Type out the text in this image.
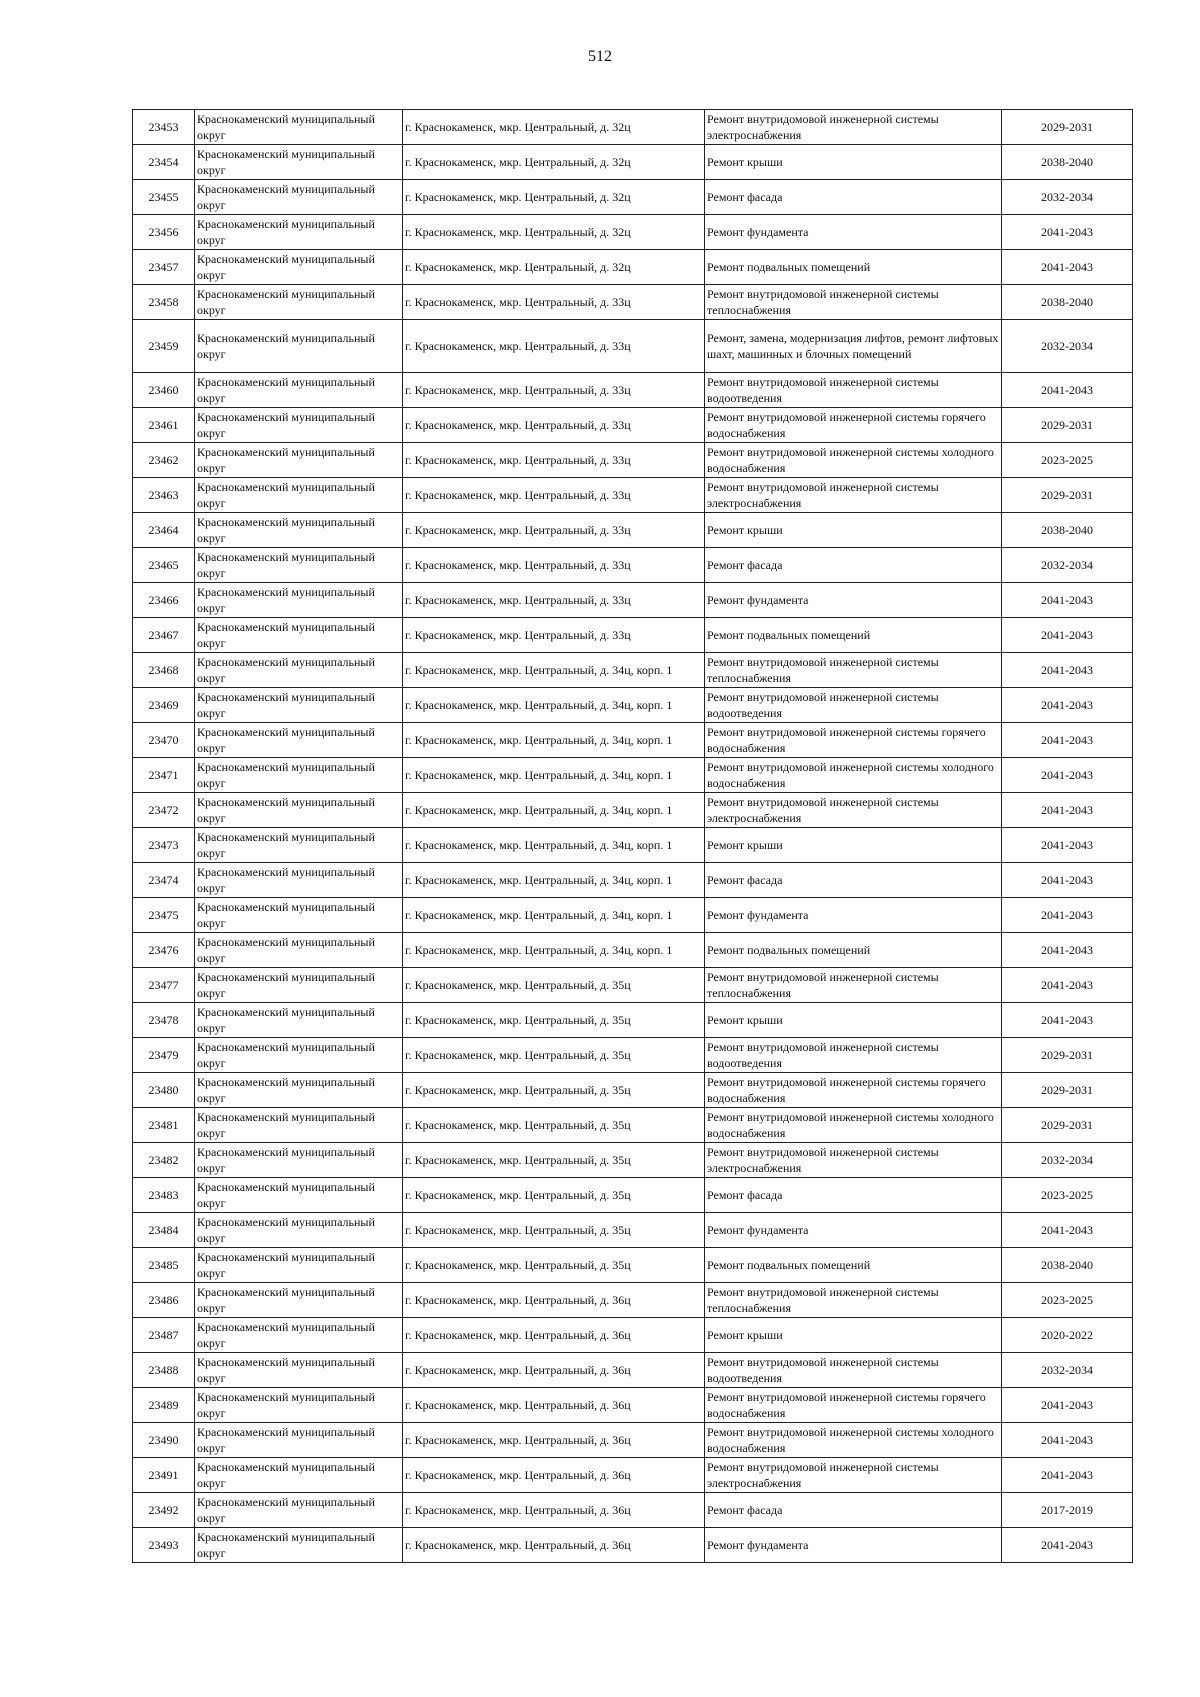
512
23453	Краснокаменский муниципальный округ	г. Краснокаменск, мкр. Центральный, д. 32ц	Ремонт внутридомовой инженерной системы электроснабжения	2029-2031
23454	Краснокаменский муниципальный округ	г. Краснокаменск, мкр. Центральный, д. 32ц	Ремонт крыши	2038-2040
23455	Краснокаменский муниципальный округ	г. Краснокаменск, мкр. Центральный, д. 32ц	Ремонт фасада	2032-2034
23456	Краснокаменский муниципальный округ	г. Краснокаменск, мкр. Центральный, д. 32ц	Ремонт фундамента	2041-2043
23457	Краснокаменский муниципальный округ	г. Краснокаменск, мкр. Центральный, д. 32ц	Ремонт подвальных помещений	2041-2043
23458	Краснокаменский муниципальный округ	г. Краснокаменск, мкр. Центральный, д. 33ц	Ремонт внутридомовой инженерной системы теплоснабжения	2038-2040
23459	Краснокаменский муниципальный округ	г. Краснокаменск, мкр. Центральный, д. 33ц	Ремонт, замена, модернизация лифтов, ремонт лифтовых шахт, машинных и блочных помещений	2032-2034
23460	Краснокаменский муниципальный округ	г. Краснокаменск, мкр. Центральный, д. 33ц	Ремонт внутридомовой инженерной системы водоотведения	2041-2043
23461	Краснокаменский муниципальный округ	г. Краснокаменск, мкр. Центральный, д. 33ц	Ремонт внутридомовой инженерной системы горячего водоснабжения	2029-2031
23462	Краснокаменский муниципальный округ	г. Краснокаменск, мкр. Центральный, д. 33ц	Ремонт внутридомовой инженерной системы холодного водоснабжения	2023-2025
23463	Краснокаменский муниципальный округ	г. Краснокаменск, мкр. Центральный, д. 33ц	Ремонт внутридомовой инженерной системы электроснабжения	2029-2031
23464	Краснокаменский муниципальный округ	г. Краснокаменск, мкр. Центральный, д. 33ц	Ремонт крыши	2038-2040
23465	Краснокаменский муниципальный округ	г. Краснокаменск, мкр. Центральный, д. 33ц	Ремонт фасада	2032-2034
23466	Краснокаменский муниципальный округ	г. Краснокаменск, мкр. Центральный, д. 33ц	Ремонт фундамента	2041-2043
23467	Краснокаменский муниципальный округ	г. Краснокаменск, мкр. Центральный, д. 33ц	Ремонт подвальных помещений	2041-2043
23468	Краснокаменский муниципальный округ	г. Краснокаменск, мкр. Центральный, д. 34ц, корп. 1	Ремонт внутридомовой инженерной системы теплоснабжения	2041-2043
23469	Краснокаменский муниципальный округ	г. Краснокаменск, мкр. Центральный, д. 34ц, корп. 1	Ремонт внутридомовой инженерной системы водоотведения	2041-2043
23470	Краснокаменский муниципальный округ	г. Краснокаменск, мкр. Центральный, д. 34ц, корп. 1	Ремонт внутридомовой инженерной системы горячего водоснабжения	2041-2043
23471	Краснокаменский муниципальный округ	г. Краснокаменск, мкр. Центральный, д. 34ц, корп. 1	Ремонт внутридомовой инженерной системы холодного водоснабжения	2041-2043
23472	Краснокаменский муниципальный округ	г. Краснокаменск, мкр. Центральный, д. 34ц, корп. 1	Ремонт внутридомовой инженерной системы электроснабжения	2041-2043
23473	Краснокаменский муниципальный округ	г. Краснокаменск, мкр. Центральный, д. 34ц, корп. 1	Ремонт крыши	2041-2043
23474	Краснокаменский муниципальный округ	г. Краснокаменск, мкр. Центральный, д. 34ц, корп. 1	Ремонт фасада	2041-2043
23475	Краснокаменский муниципальный округ	г. Краснокаменск, мкр. Центральный, д. 34ц, корп. 1	Ремонт фундамента	2041-2043
23476	Краснокаменский муниципальный округ	г. Краснокаменск, мкр. Центральный, д. 34ц, корп. 1	Ремонт подвальных помещений	2041-2043
23477	Краснокаменский муниципальный округ	г. Краснокаменск, мкр. Центральный, д. 35ц	Ремонт внутридомовой инженерной системы теплоснабжения	2041-2043
23478	Краснокаменский муниципальный округ	г. Краснокаменск, мкр. Центральный, д. 35ц	Ремонт крыши	2041-2043
23479	Краснокаменский муниципальный округ	г. Краснокаменск, мкр. Центральный, д. 35ц	Ремонт внутридомовой инженерной системы водоотведения	2029-2031
23480	Краснокаменский муниципальный округ	г. Краснокаменск, мкр. Центральный, д. 35ц	Ремонт внутридомовой инженерной системы горячего водоснабжения	2029-2031
23481	Краснокаменский муниципальный округ	г. Краснокаменск, мкр. Центральный, д. 35ц	Ремонт внутридомовой инженерной системы холодного водоснабжения	2029-2031
23482	Краснокаменский муниципальный округ	г. Краснокаменск, мкр. Центральный, д. 35ц	Ремонт внутридомовой инженерной системы электроснабжения	2032-2034
23483	Краснокаменский муниципальный округ	г. Краснокаменск, мкр. Центральный, д. 35ц	Ремонт фасада	2023-2025
23484	Краснокаменский муниципальный округ	г. Краснокаменск, мкр. Центральный, д. 35ц	Ремонт фундамента	2041-2043
23485	Краснокаменский муниципальный округ	г. Краснокаменск, мкр. Центральный, д. 35ц	Ремонт подвальных помещений	2038-2040
23486	Краснокаменский муниципальный округ	г. Краснокаменск, мкр. Центральный, д. 36ц	Ремонт внутридомовой инженерной системы теплоснабжения	2023-2025
23487	Краснокаменский муниципальный округ	г. Краснокаменск, мкр. Центральный, д. 36ц	Ремонт крыши	2020-2022
23488	Краснокаменский муниципальный округ	г. Краснокаменск, мкр. Центральный, д. 36ц	Ремонт внутридомовой инженерной системы водоотведения	2032-2034
23489	Краснокаменский муниципальный округ	г. Краснокаменск, мкр. Центральный, д. 36ц	Ремонт внутридомовой инженерной системы горячего водоснабжения	2041-2043
23490	Краснокаменский муниципальный округ	г. Краснокаменск, мкр. Центральный, д. 36ц	Ремонт внутридомовой инженерной системы холодного водоснабжения	2041-2043
23491	Краснокаменский муниципальный округ	г. Краснокаменск, мкр. Центральный, д. 36ц	Ремонт внутридомовой инженерной системы электроснабжения	2041-2043
23492	Краснокаменский муниципальный округ	г. Краснокаменск, мкр. Центральный, д. 36ц	Ремонт фасада	2017-2019
23493	Краснокаменский муниципальный округ	г. Краснокаменск, мкр. Центральный, д. 36ц	Ремонт фундамента	2041-2043
